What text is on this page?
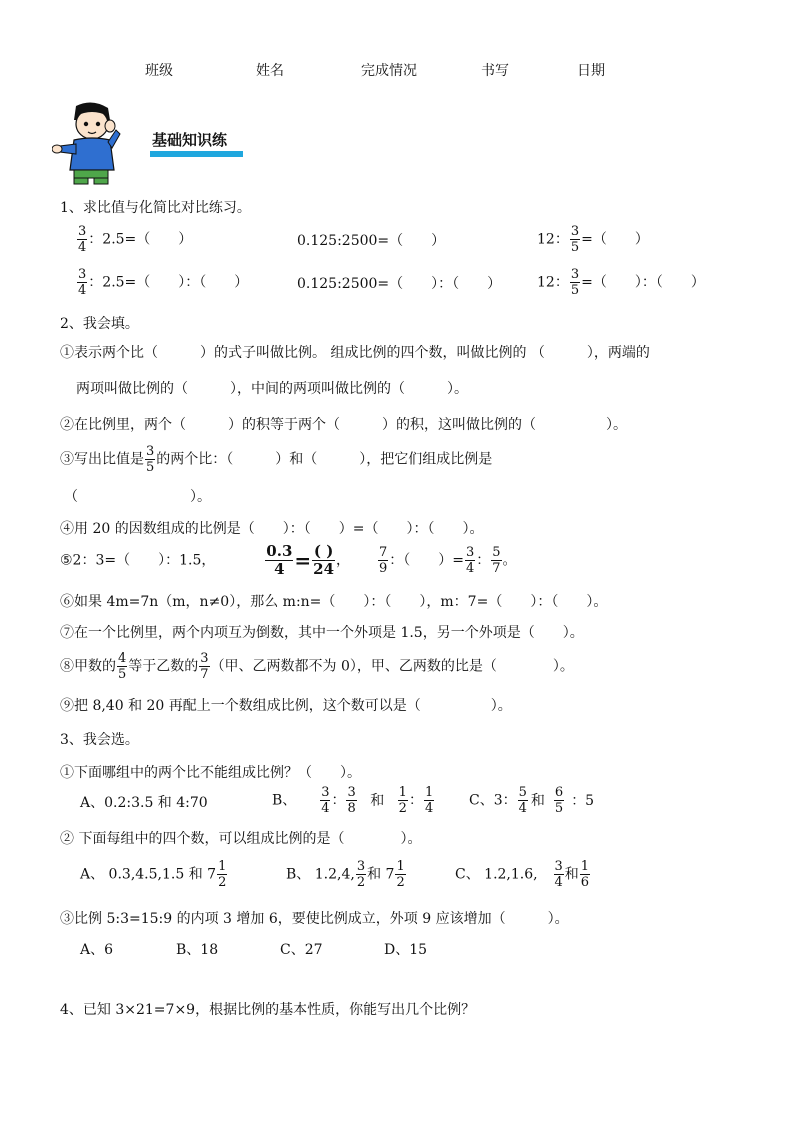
班级	姓名	完成情况	书写	日期
基础知识练
1、求比值与化简比对比练习。
$\frac{3}{4}$ ：2.5=（　　）	0.125:2500=（　　）	12： $\frac{3}{5}$ =（　　）
$\frac{3}{4}$ ：2.5=（　　）：（　　）	0.125:2500=（　　）：（　　）	12： $\frac{3}{5}$ =（　　）：（　　）
2、我会填。
①表示两个比（　　　）的式子叫做比例。 组成比例的四个数，叫做比例的 （　　　），两端的
两项叫做比例的（　　　），中间的两项叫做比例的（　　　）。
②在比例里，两个（　　　）的积等于两个（　　　）的积，这叫做比例的（　　　　　）。
③写出比值是 $\frac{3}{5}$ 的两个比：（　　　）和（　　　），把它们组成比例是
（　　　　　　　　）。
④用 20 的因数组成的比例是（　　）：（　　）=（　　）：（　　）。
⑤2：3=（　　）：1.5，	$\frac{0.3}{4} = \frac{( )}{24}$ ， $\frac{7}{9}$ ：（　　）= $\frac{3}{4}$ ： $\frac{5}{7}$ 。
⑥如果 4m=7n（m，n≠0），那么 m:n=（　　）：（　　），m：7=（　　）：（　　）。
⑦在一个比例里，两个内项互为倒数，其中一个外项是 1.5，另一个外项是（　　）。
⑧甲数的 $\frac{4}{5}$ 等于乙数的 $\frac{3}{7}$ （甲、乙两数都不为 0），甲、乙两数的比是（　　　　）。
⑨把 8,40 和 20 再配上一个数组成比例，这个数可以是（　　　　　）。
3、我会选。
①下面哪组中的两个比不能组成比例？（　　）。
A、0.2:3.5 和 4:70	B、 $\frac{3}{4}$ ： $\frac{3}{8}$ 和 $\frac{1}{2}$ ： $\frac{1}{4}$ C、3： $\frac{5}{4}$ 和 $\frac{6}{5}$ ：5
② 下面每组中的四个数，可以组成比例的是（　　　　）。
A、 0.3,4.5,1.5 和 $7 \frac{1}{2}$	B、 1.2,4, $\frac{3}{2}$ 和 $7 \frac{1}{2}$	C、 1.2,1.6, $\frac{3}{4}$ 和 $\frac{1}{6}$
③比例 5:3=15:9 的内项 3 增加 6，要使比例成立，外项 9 应该增加（　　　）。
A、6	B、18	C、27	D、15
4、已知 3×21=7×9，根据比例的基本性质，你能写出几个比例？
